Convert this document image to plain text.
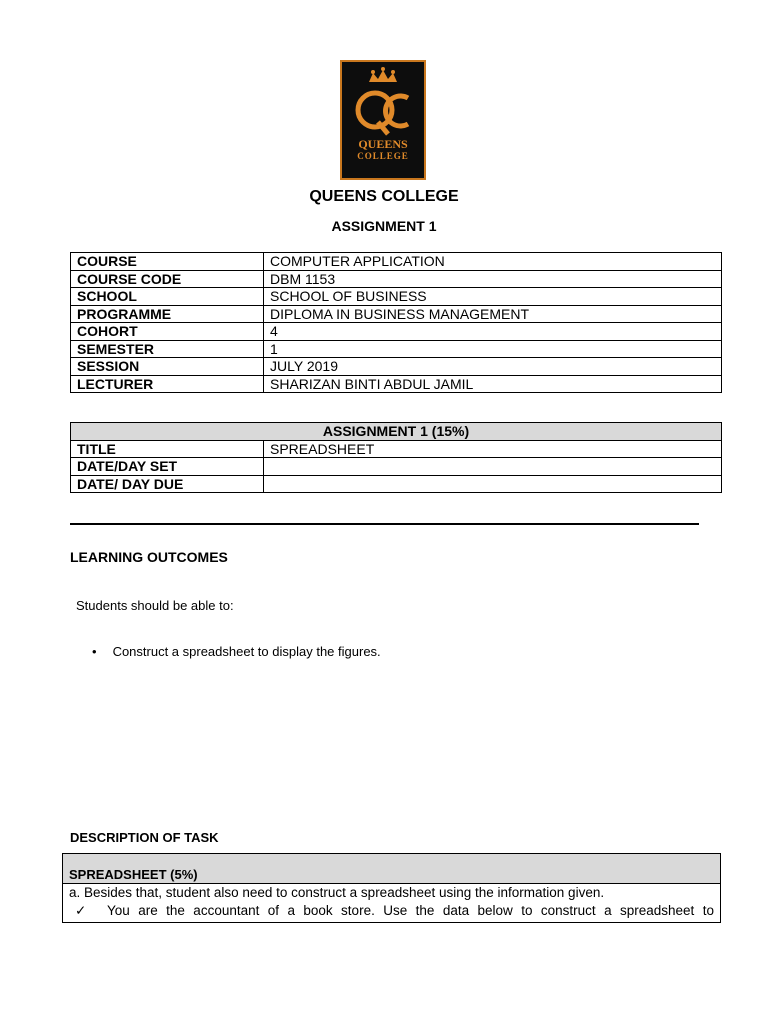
QUEENS
COLLEGE
QUEENS COLLEGE
ASSIGNMENT 1
COURSE	COMPUTER APPLICATION
COURSE CODE	DBM 1153
SCHOOL	SCHOOL OF BUSINESS
PROGRAMME	DIPLOMA IN BUSINESS MANAGEMENT
COHORT	4
SEMESTER	1
SESSION	JULY 2019
LECTURER	SHARIZAN BINTI ABDUL JAMIL
ASSIGNMENT 1 (15%)	
TITLE	SPREADSHEET
DATE/DAY SET	
DATE/ DAY DUE	
LEARNING OUTCOMES
Students should be able to:
• Construct a spreadsheet to display the figures.
DESCRIPTION OF TASK
SPREADSHEET (5%)
a. Besides that, student also need to construct a spreadsheet using the information given.
✓	You are the accountant of a book store. Use the data below to construct a spreadsheet to
